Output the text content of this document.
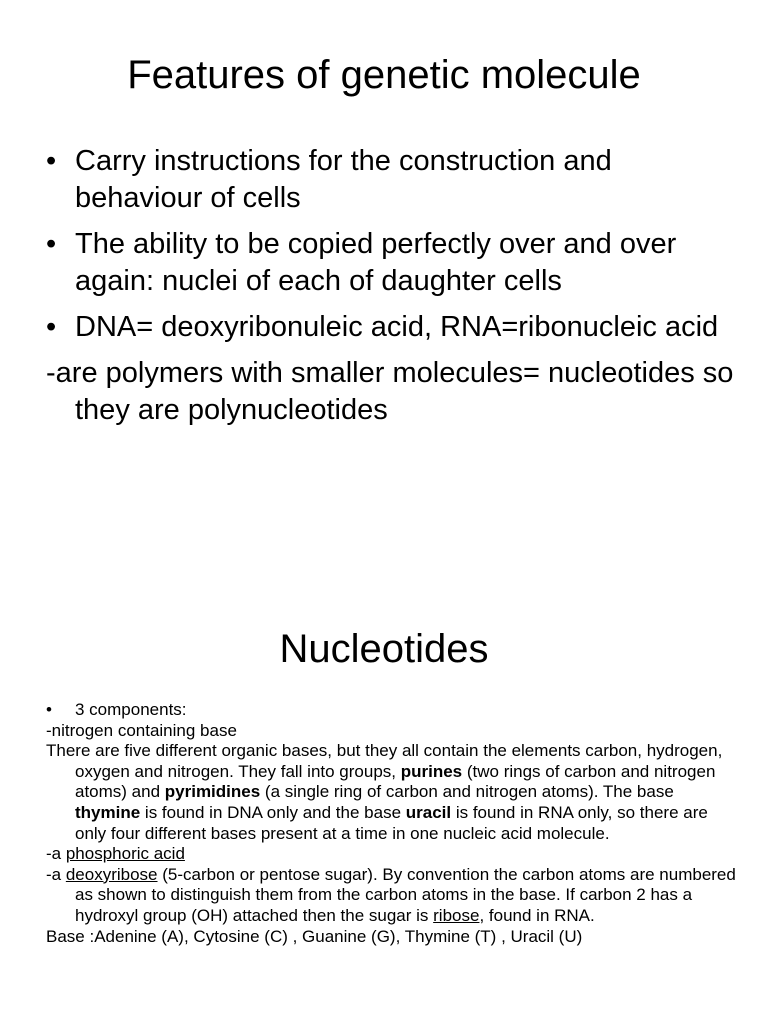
Features of genetic molecule
• Carry instructions for the construction and behaviour of cells
• The ability to be copied perfectly over and over again: nuclei of each of daughter cells
• DNA= deoxyribonuleic acid, RNA=ribonucleic acid
-are polymers with smaller molecules= nucleotides so they are polynucleotides
Nucleotides
• 3 components:
-nitrogen containing base
There are five different organic bases, but they all contain the elements carbon, hydrogen, oxygen and nitrogen. They fall into groups, purines (two rings of carbon and nitrogen atoms) and pyrimidines (a single ring of carbon and nitrogen atoms). The base thymine is found in DNA only and the base uracil is found in RNA only, so there are only four different bases present at a time in one nucleic acid molecule.
-a phosphoric acid
-a deoxyribose (5-carbon or pentose sugar). By convention the carbon atoms are numbered as shown to distinguish them from the carbon atoms in the base. If carbon 2 has a hydroxyl group (OH) attached then the sugar is ribose, found in RNA.
Base :Adenine (A), Cytosine (C) , Guanine (G), Thymine (T) , Uracil (U)
